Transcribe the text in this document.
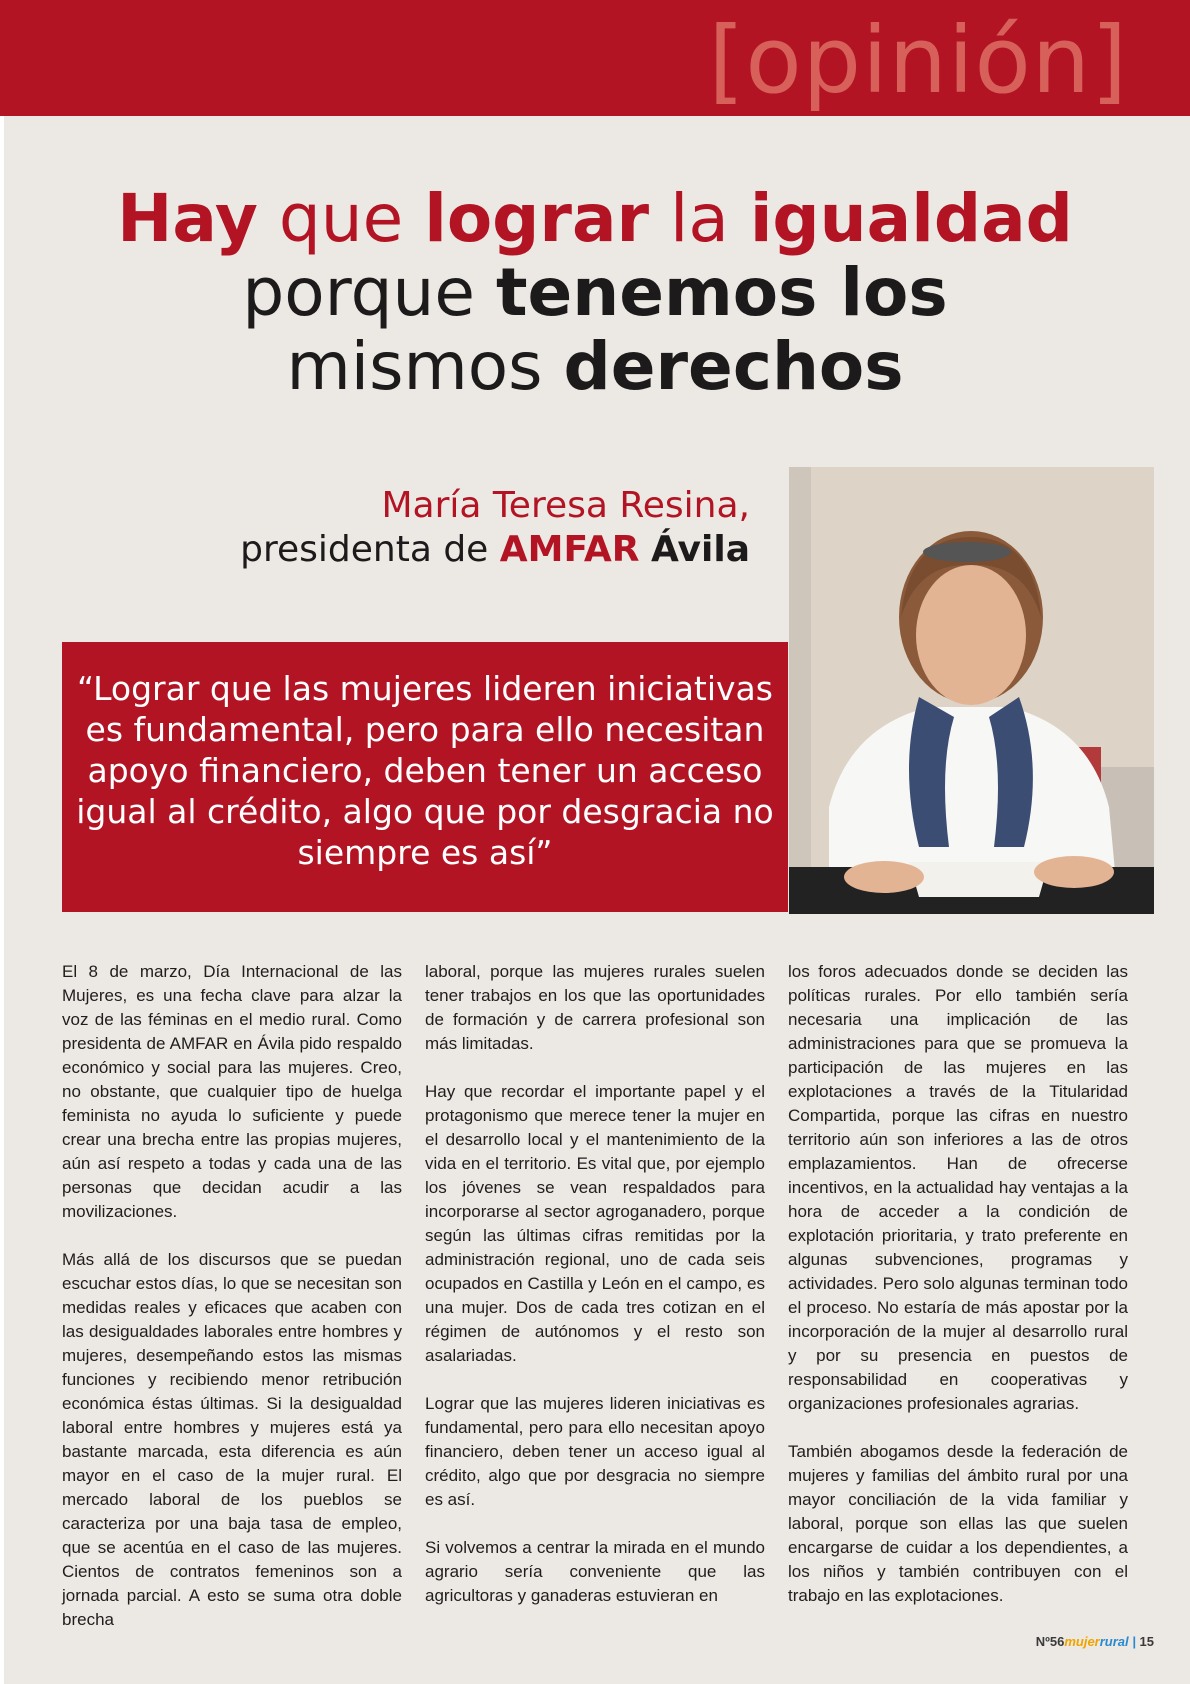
[opinión]
Hay que lograr la igualdad
porque tenemos los
mismos derechos
María Teresa Resina,
presidenta de AMFAR Ávila

“Lograr que las mujeres lideren iniciativas es fundamental, pero para ello necesitan apoyo financiero, deben tener un acceso igual al crédito, algo que por desgracia no siempre es así”

El 8 de marzo, Día Internacional de las Mujeres, es una fecha clave para alzar la voz de las féminas en el medio rural. Como presidenta de AMFAR en Ávila pido respaldo económico y social para las mujeres. Creo, no obstante, que cualquier tipo de huelga feminista no ayuda lo suficiente y puede crear una brecha entre las propias mujeres, aún así respeto a todas y cada una de las personas que decidan acudir a las movilizaciones.

Más allá de los discursos que se puedan escuchar estos días, lo que se necesitan son medidas reales y eficaces que acaben con las desigualdades laborales entre hombres y mujeres, desempeñando estos las mismas funciones y recibiendo menor retribución económica éstas últimas. Si la desigualdad laboral entre hombres y mujeres está ya bastante marcada, esta diferencia es aún mayor en el caso de la mujer rural. El mercado laboral de los pueblos se caracteriza por una baja tasa de empleo, que se acentúa en el caso de las mujeres. Cientos de contratos femeninos son a jornada parcial. A esto se suma otra doble brecha

laboral, porque las mujeres rurales suelen tener trabajos en los que las oportunidades de formación y de carrera profesional son más limitadas.

Hay que recordar el importante papel y el protagonismo que merece tener la mujer en el desarrollo local y el mantenimiento de la vida en el territorio. Es vital que, por ejemplo los jóvenes se vean respaldados para incorporarse al sector agroganadero, porque según las últimas cifras remitidas por la administración regional, uno de cada seis ocupados en Castilla y León en el campo, es una mujer. Dos de cada tres cotizan en el régimen de autónomos y el resto son asalariadas.

Lograr que las mujeres lideren iniciativas es fundamental, pero para ello necesitan apoyo financiero, deben tener un acceso igual al crédito, algo que por desgracia no siempre es así.

Si volvemos a centrar la mirada en el mundo agrario sería conveniente que las agricultoras y ganaderas estuvieran en

los foros adecuados donde se deciden las políticas rurales. Por ello también sería necesaria una implicación de las administraciones para que se promueva la participación de las mujeres en las explotaciones a través de la Titularidad Compartida, porque las cifras en nuestro territorio aún son inferiores a las de otros emplazamientos. Han de ofrecerse incentivos, en la actualidad hay ventajas a la hora de acceder a la condición de explotación prioritaria, y trato preferente en algunas subvenciones, programas y actividades. Pero solo algunas terminan todo el proceso. No estaría de más apostar por la incorporación de la mujer al desarrollo rural y por su presencia en puestos de responsabilidad en cooperativas y organizaciones profesionales agrarias.

También abogamos desde la federación de mujeres y familias del ámbito rural por una mayor conciliación de la vida familiar y laboral, porque son ellas las que suelen encargarse de cuidar a los dependientes, a los niños y también contribuyen con el trabajo en las explotaciones.

Nº56mujerrural | 15
